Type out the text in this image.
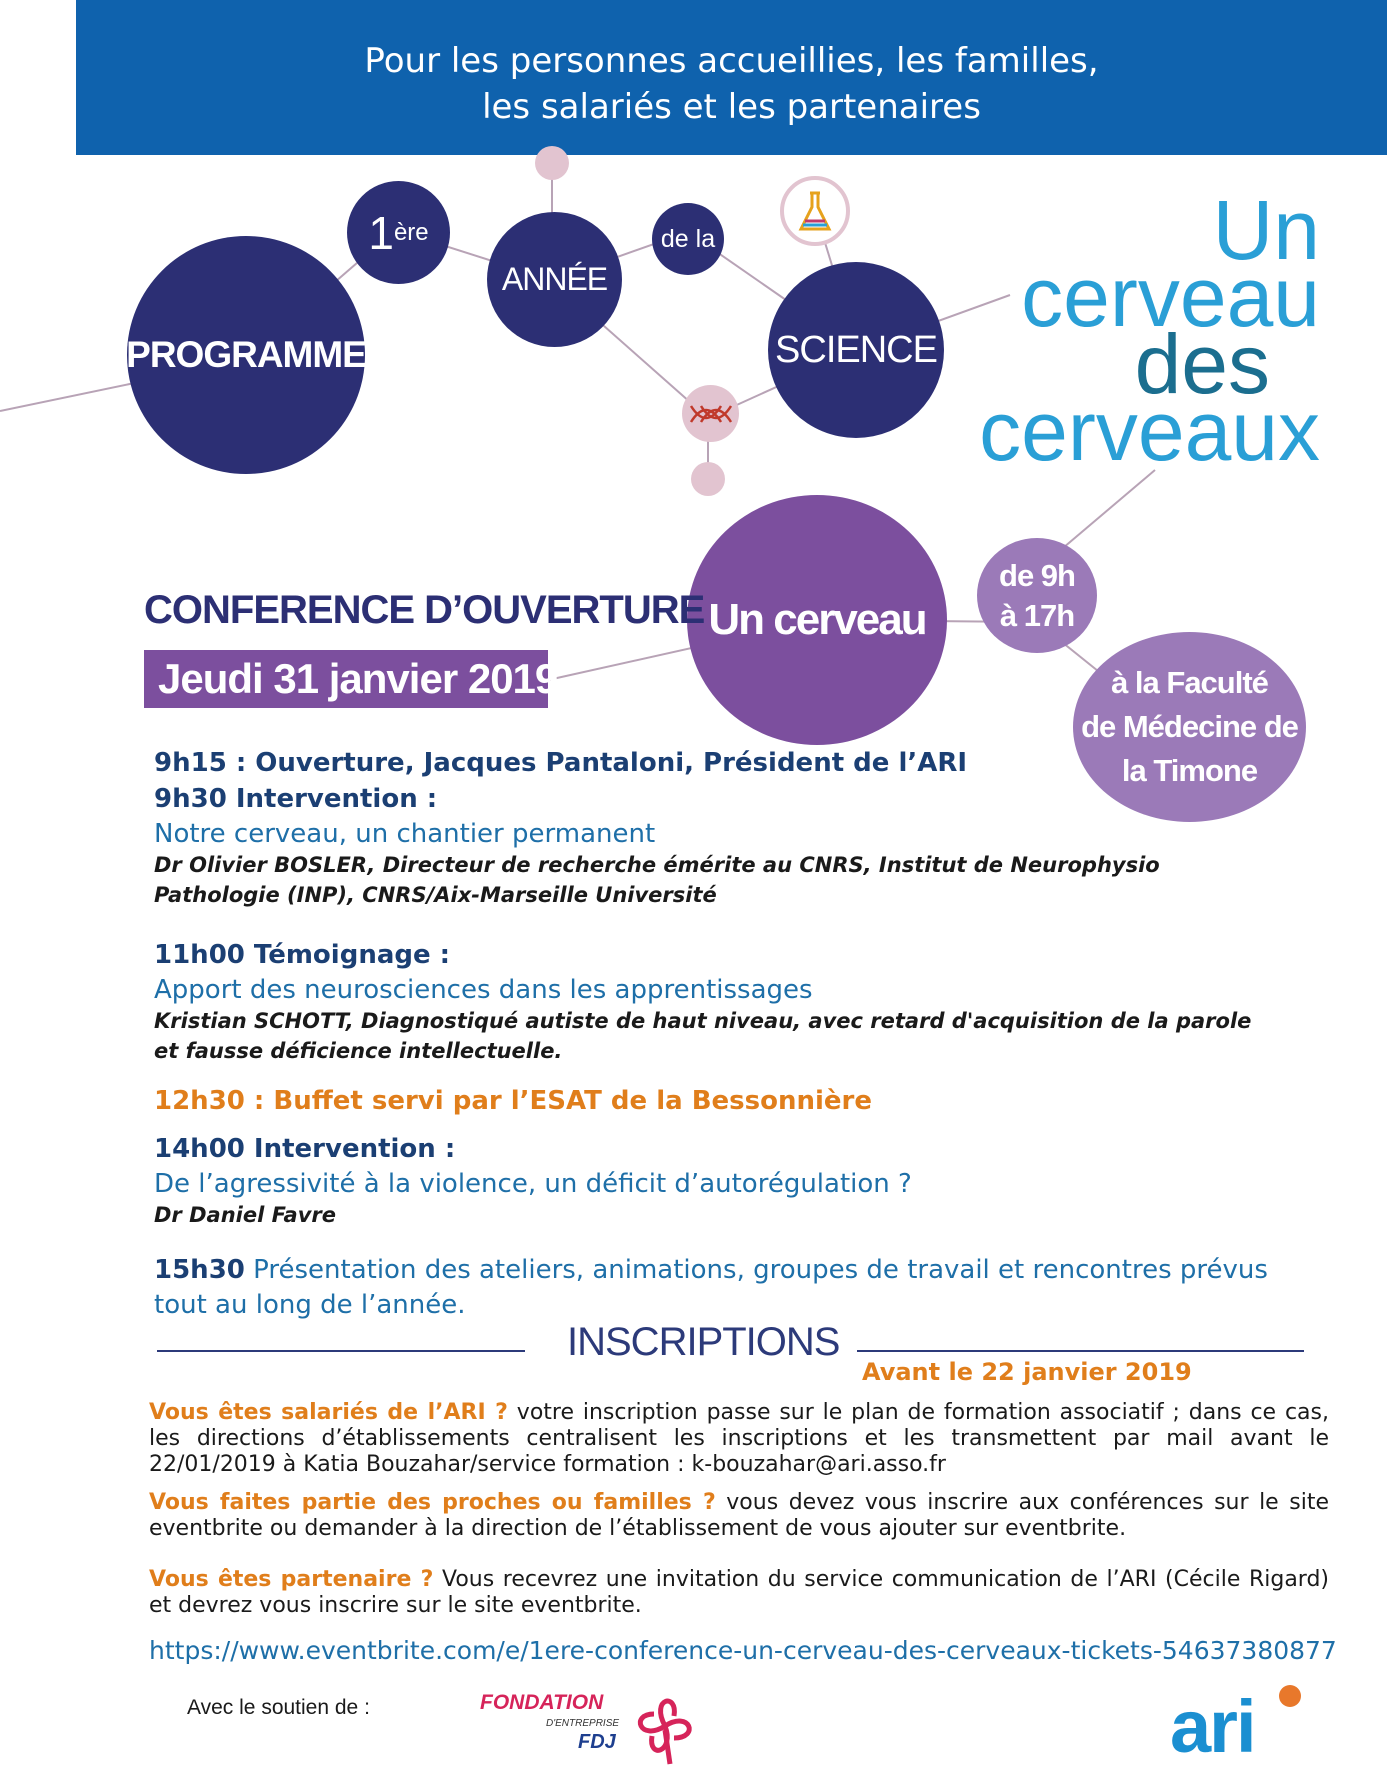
Pour les personnes accueillies, les familles,
les salariés et les partenaires
PROGRAMME
1ère
ANNÉE
de la
SCIENCE
Un
cerveau
des
cerveaux
Un cerveau
de 9h
à 17h
à la Faculté
de Médecine de
la Timone
CONFERENCE D’OUVERTURE
Jeudi 31 janvier 2019
9h15 : Ouverture, Jacques Pantaloni, Président de l’ARI
9h30 Intervention :
Notre cerveau, un chantier permanent
Dr Olivier BOSLER, Directeur de recherche émérite au CNRS, Institut de Neurophysio
Pathologie (INP), CNRS/Aix-Marseille Université
11h00 Témoignage :
Apport des neurosciences dans les apprentissages
Kristian SCHOTT, Diagnostiqué autiste de haut niveau, avec retard d'acquisition de la parole
et fausse déficience intellectuelle.
12h30 : Buffet servi par l’ESAT de la Bessonnière
14h00 Intervention :
De l’agressivité à la violence, un déficit d’autorégulation ?
Dr Daniel Favre
15h30 Présentation des ateliers, animations, groupes de travail et rencontres prévus
tout au long de l’année.
INSCRIPTIONS
Avant le 22 janvier 2019
Vous êtes salariés de l’ARI ? votre inscription passe sur le plan de formation associatif ; dans ce cas, les directions d’établissements centralisent les inscriptions et les transmettent par mail avant le 22/01/2019 à Katia Bouzahar/service formation : k-bouzahar@ari.asso.fr
Vous faites partie des proches ou familles ? vous devez vous inscrire aux conférences sur le site eventbrite ou demander à la direction de l’établissement de vous ajouter sur eventbrite.
Vous êtes partenaire ? Vous recevrez une invitation du service communication de l’ARI (Cécile Rigard) et devrez vous inscrire sur le site eventbrite.
https://www.eventbrite.com/e/1ere-conference-un-cerveau-des-cerveaux-tickets-54637380877
Avec le soutien de :	FONDATION
D'ENTREPRISE
FDJ	ari
